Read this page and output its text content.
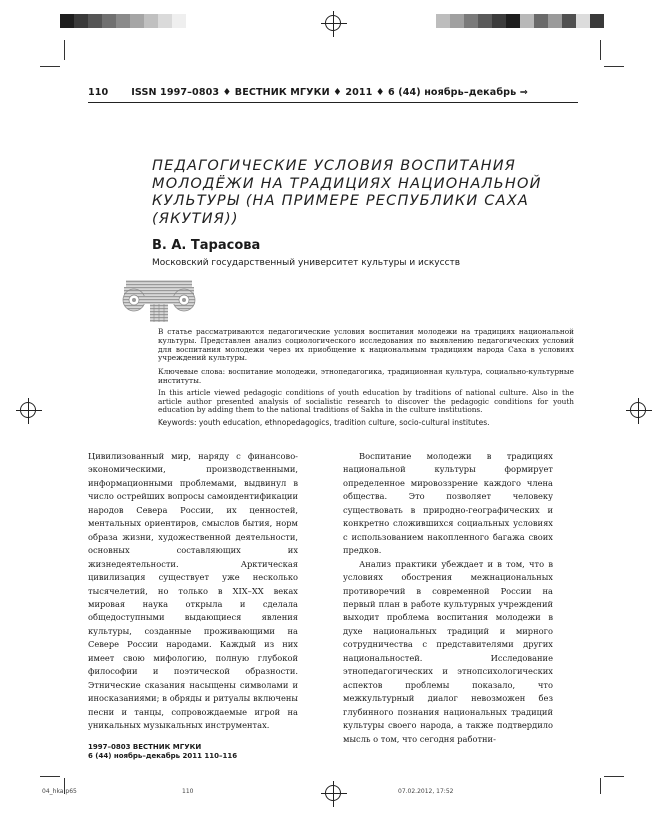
110 ISSN 1997–0803 ♦ ВЕСТНИК МГУКИ ♦ 2011 ♦ 6 (44) ноябрь–декабрь ⇒
ПЕДАГОГИЧЕСКИЕ УСЛОВИЯ ВОСПИТАНИЯ МОЛОДЁЖИ НА ТРАДИЦИЯХ НАЦИОНАЛЬНОЙ КУЛЬТУРЫ (НА ПРИМЕРЕ РЕСПУБЛИКИ САХА (ЯКУТИЯ))
В. А. Тарасова
Московский государственный университет культуры и искусств

В статье рассматриваются педагогические условия воспитания молодежи на традициях национальной культуры. Представлен анализ социологического исследования по выявлению педагогических условий для воспитания молодежи через их приобщение к национальным традициям народа Саха в условиях учреждений культуры.

Ключевые слова: воспитание молодежи, этнопедагогика, традиционная культура, социально-культурные институты.

In this article viewed pedagogic conditions of youth education by traditions of national culture. Also in the article author presented analysis of socialistic research to discover the pedagogic conditions for youth education by adding them to the national traditions of Sakha in the culture institutions.

Keywords: youth education, ethnopedagogics, tradition culture, socio-cultural institutes.

Цивилизованный мир, наряду с финансово-экономическими, производственными, информационными проблемами, выдвинул в число острейших вопросы самоидентификации народов Севера России, их ценностей, ментальных ориентиров, смыслов бытия, норм образа жизни, художественной деятельности, основных составляющих их жизнедеятельности. Арктическая цивилизация существует уже несколько тысячелетий, но только в XIX–XX веках мировая наука открыла и сделала общедоступными выдающиеся явления культуры, созданные проживающими на Севере России народами. Каждый из них имеет свою мифологию, полную глубокой философии и поэтической образности. Этнические сказания насыщены символами и иносказаниями; в обряды и ритуалы включены песни и танцы, сопровождаемые игрой на уникальных музыкальных инструментах.

Воспитание молодежи в традициях национальной культуры формирует определенное мировоззрение каждого члена общества. Это позволяет человеку существовать в природно-географических и конкретно сложившихся социальных условиях с использованием накопленного багажа своих предков.

Анализ практики убеждает и в том, что в условиях обострения межнациональных противоречий в современной России на первый план в работе культурных учреждений выходит проблема воспитания молодежи в духе национальных традиций и мирного сотрудничества с представителями других национальностей. Исследование этнопедагогических и этнопсихологических аспектов проблемы показало, что межкультурный диалог невозможен без глубинного познания национальных традиций культуры своего народа, а также подтвердило мысль о том, что сегодня работни-

1997–0803 ВЕСТНИК МГУКИ
6 (44) ноябрь–декабрь 2011 110–116
04_hka.p65	110	07.02.2012, 17:52
